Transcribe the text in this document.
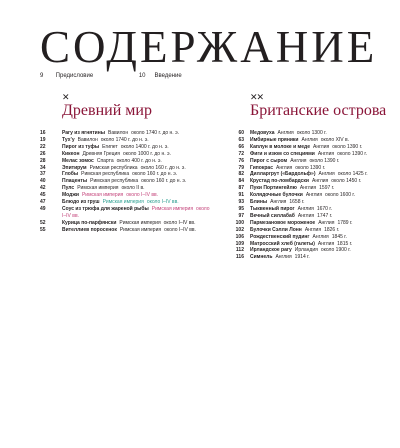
СОДЕРЖАНИЕ
9 Предисловие	10 Введение
✕
Древний мир
16	Рагу из ягнятины Вавилон около 1740 г. до н. э.
19	Тух’у Вавилон около 1740 г. до н. э.
22	Пирог из туфы Египет около 1400 г. до н. э.
26	Кикеон Древняя Греция около 1000 г. до н. э.
28	Мелас зомос Спарта около 400 г. до н. э.
34	Эпитирум Римская республика около 160 г. до н. э.
37	Глобы Римская республика около 160 г. до н. э.
40	Плаценты Римская республика около 160 г. до н. э.
42	Пулс Римская империя около II в.
45	Моджи Римская империя около I–IV вв.
47	Блюдо из груш Римская империя около I–IV вв.
49	Соус из трюфа для жареной рыбы Римская империя около I–IV вв.
52	Курица по-парфянски Римская империя около I–IV вв.
55	Вителлиев поросенок Римская империя около I–IV вв.
✕✕
Британские острова
60	Медовуха Англия около 1300 г.
63	Имбирные пряники Англия около XIV в.
66	Каплун в молоке и меде Англия около 1390 г.
72	Фиги и изюм со специями Англия около 1390 г.
76	Пирог с сыром Англия около 1390 г.
79	Гипокрас Англия около 1390 г.
82	Дилларгрут («Бардольф») Англия около 1425 г.
84	Крустад по-ломбардски Англия около 1450 г.
87	Пуки Портингейлю Англия 1597 г.
91	Колядочные булочки Англия около 1600 г.
93	Блины Англия 1658 г.
95	Тыквенный пирог Англия 1670 г.
97	Вечный силлабаб Англия 1747 г.
100	Пармезановое мороженое Англия 1789 г.
102	Булочки Сэлли Лонн Англия 1826 г.
106	Рождественский пудинг Англия 1845 г.
109	Матросский хлеб (галеты) Англия 1815 г.
112	Ирландское рагу Ирландия около 1900 г.
116	Симнель Англия 1914 г.
